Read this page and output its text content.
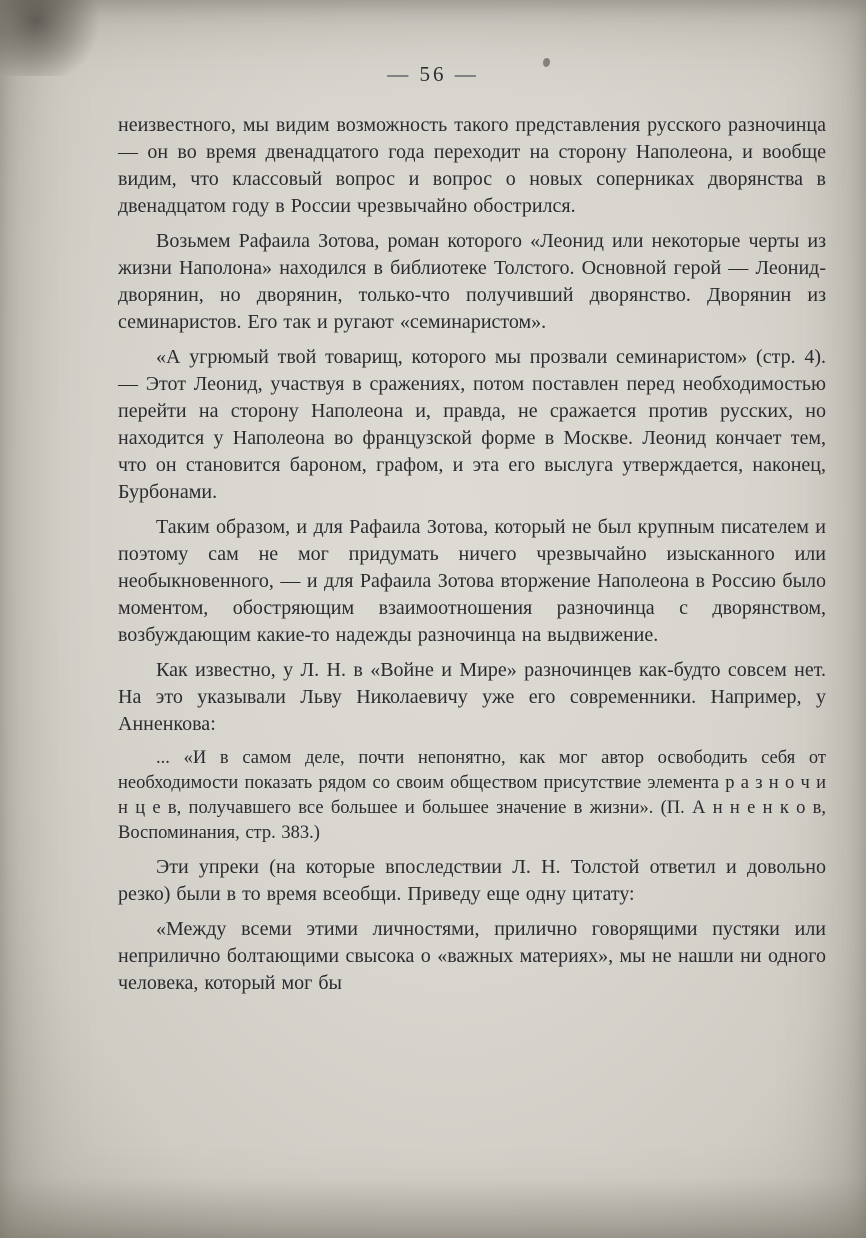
— 56 —

неизвестного, мы видим возможность такого представления русского разночинца — он во время двенадцатого года переходит на сторону Наполеона, и вообще видим, что классовый вопрос и вопрос о новых соперниках дворянства в двенадцатом году в России чрезвычайно обострился.

Возьмем Рафаила Зотова, роман которого «Леонид или некоторые черты из жизни Наполона» находился в библиотеке Толстого. Основной герой — Леонид-дворянин, но дворянин, только-что получивший дворянство. Дворянин из семинаристов. Его так и ругают «семинаристом».

«А угрюмый твой товарищ, которого мы прозвали семинаристом» (стр. 4). — Этот Леонид, участвуя в сражениях, потом поставлен перед необходимостью перейти на сторону Наполеона и, правда, не сражается против русских, но находится у Наполеона во французской форме в Москве. Леонид кончает тем, что он становится бароном, графом, и эта его выслуга утверждается, наконец, Бурбонами.

Таким образом, и для Рафаила Зотова, который не был крупным писателем и поэтому сам не мог придумать ничего чрезвычайно изысканного или необыкновенного, — и для Рафаила Зотова вторжение Наполеона в Россию было моментом, обостряющим взаимоотношения разночинца с дворянством, возбуждающим какие-то надежды разночинца на выдвижение.

Как известно, у Л. Н. в «Войне и Мире» разночинцев как-будто совсем нет. На это указывали Льву Николаевичу уже его современники. Например, у Анненкова:

... «И в самом деле, почти непонятно, как мог автор освободить себя от необходимости показать рядом со своим обществом присутствие элемента р а з н о ч и н ц е в, получавшего все большее и большее значение в жизни». (П. А н н е н к о в, Воспоминания, стр. 383.)

Эти упреки (на которые впоследствии Л. Н. Толстой ответил и довольно резко) были в то время всеобщи. Приведу еще одну цитату:

«Между всеми этими личностями, прилично говорящими пустяки или неприлично болтающими свысока о «важных материях», мы не нашли ни одного человека, который мог бы
